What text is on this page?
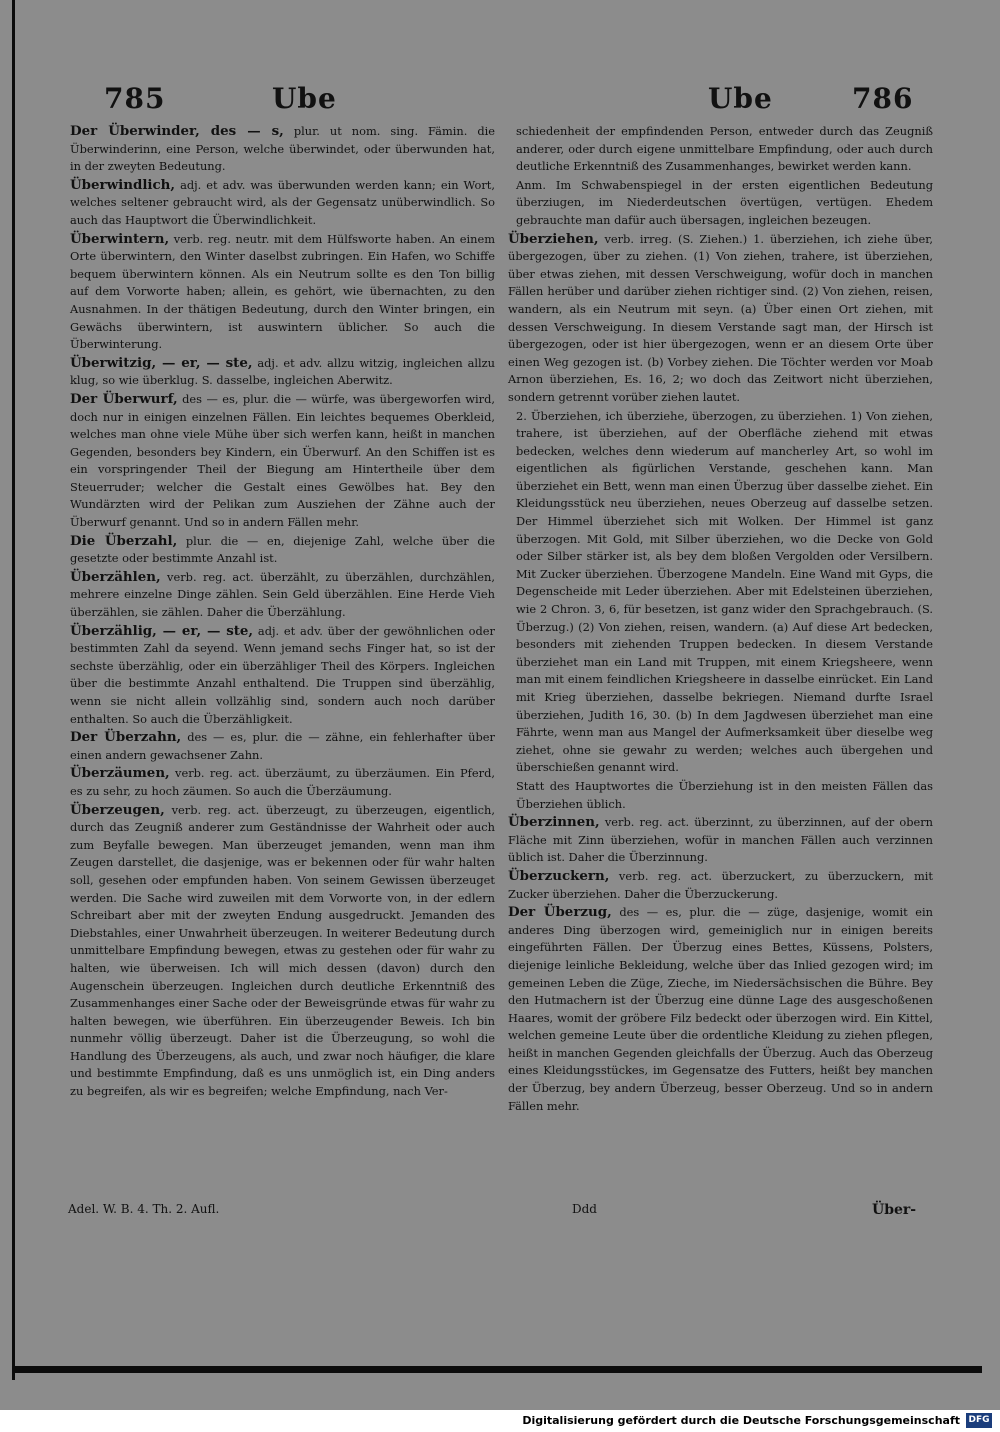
785	Ube	Ube	786

Der Überwinder, des — s, plur. ut nom. sing. Fämin. die Überwinderinn, eine Person, welche überwindet, oder überwunden hat, in der zweyten Bedeutung.

Überwindlich, adj. et adv. was überwunden werden kann; ein Wort, welches seltener gebraucht wird, als der Gegensatz unüberwindlich. So auch das Hauptwort die Überwindlichkeit.

Überwintern, verb. reg. neutr. mit dem Hülfsworte haben. An einem Orte überwintern, den Winter daselbst zubringen. Ein Hafen, wo Schiffe bequem überwintern können. Als ein Neutrum sollte es den Ton billig auf dem Vorworte haben; allein, es gehört, wie übernachten, zu den Ausnahmen. In der thätigen Bedeutung, durch den Winter bringen, ein Gewächs überwintern, ist auswintern üblicher. So auch die Überwinterung.

Überwitzig, — er, — ste, adj. et adv. allzu witzig, ingleichen allzu klug, so wie überklug. S. dasselbe, ingleichen Aberwitz.

Der Überwurf, des — es, plur. die — würfe, was übergeworfen wird, doch nur in einigen einzelnen Fällen. Ein leichtes bequemes Oberkleid, welches man ohne viele Mühe über sich werfen kann, heißt in manchen Gegenden, besonders bey Kindern, ein Überwurf. An den Schiffen ist es ein vorspringender Theil der Biegung am Hintertheile über dem Steuerruder; welcher die Gestalt eines Gewölbes hat. Bey den Wundärzten wird der Pelikan zum Ausziehen der Zähne auch der Überwurf genannt. Und so in andern Fällen mehr.

Die Überzahl, plur. die — en, diejenige Zahl, welche über die gesetzte oder bestimmte Anzahl ist.

Überzählen, verb. reg. act. überzählt, zu überzählen, durchzählen, mehrere einzelne Dinge zählen. Sein Geld überzählen. Eine Herde Vieh überzählen, sie zählen. Daher die Überzählung.

Überzählig, — er, — ste, adj. et adv. über der gewöhnlichen oder bestimmten Zahl da seyend. Wenn jemand sechs Finger hat, so ist der sechste überzählig, oder ein überzähliger Theil des Körpers. Ingleichen über die bestimmte Anzahl enthaltend. Die Truppen sind überzählig, wenn sie nicht allein vollzählig sind, sondern auch noch darüber enthalten. So auch die Überzähligkeit.

Der Überzahn, des — es, plur. die — zähne, ein fehlerhafter über einen andern gewachsener Zahn.

Überzäumen, verb. reg. act. überzäumt, zu überzäumen. Ein Pferd, es zu sehr, zu hoch zäumen. So auch die Überzäumung.

Überzeugen, verb. reg. act. überzeugt, zu überzeugen, eigentlich, durch das Zeugniß anderer zum Geständnisse der Wahrheit oder auch zum Beyfalle bewegen. Man überzeuget jemanden, wenn man ihm Zeugen darstellet, die dasjenige, was er bekennen oder für wahr halten soll, gesehen oder empfunden haben. Von seinem Gewissen überzeuget werden. Die Sache wird zuweilen mit dem Vorworte von, in der edlern Schreibart aber mit der zweyten Endung ausgedruckt. Jemanden des Diebstahles, einer Unwahrheit überzeugen. In weiterer Bedeutung durch unmittelbare Empfindung bewegen, etwas zu gestehen oder für wahr zu halten, wie überweisen. Ich will mich dessen (davon) durch den Augenschein überzeugen. Ingleichen durch deutliche Erkenntniß des Zusammenhanges einer Sache oder der Beweisgründe etwas für wahr zu halten bewegen, wie überführen. Ein überzeugender Beweis. Ich bin nunmehr völlig überzeugt. Daher ist die Überzeugung, so wohl die Handlung des Überzeugens, als auch, und zwar noch häufiger, die klare und bestimmte Empfindung, daß es uns unmöglich ist, ein Ding anders zu begreifen, als wir es begreifen; welche Empfindung, nach Ver-

schiedenheit der empfindenden Person, entweder durch das Zeugniß anderer, oder durch eigene unmittelbare Empfindung, oder auch durch deutliche Erkenntniß des Zusammenhanges, bewirket werden kann.

Anm. Im Schwabenspiegel in der ersten eigentlichen Bedeutung überziugen, im Niederdeutschen övertügen, vertügen. Ehedem gebrauchte man dafür auch übersagen, ingleichen bezeugen.

Überziehen, verb. irreg. (S. Ziehen.) 1. überziehen, ich ziehe über, übergezogen, über zu ziehen. (1) Von ziehen, trahere, ist überziehen, über etwas ziehen, mit dessen Verschweigung, wofür doch in manchen Fällen herüber und darüber ziehen richtiger sind. (2) Von ziehen, reisen, wandern, als ein Neutrum mit seyn. (a) Über einen Ort ziehen, mit dessen Verschweigung. In diesem Verstande sagt man, der Hirsch ist übergezogen, oder ist hier übergezogen, wenn er an diesem Orte über einen Weg gezogen ist. (b) Vorbey ziehen. Die Töchter werden vor Moab Arnon überziehen, Es. 16, 2; wo doch das Zeitwort nicht überziehen, sondern getrennt vorüber ziehen lautet.

2. Überziehen, ich überziehe, überzogen, zu überziehen. 1) Von ziehen, trahere, ist überziehen, auf der Oberfläche ziehend mit etwas bedecken, welches denn wiederum auf mancherley Art, so wohl im eigentlichen als figürlichen Verstande, geschehen kann. Man überziehet ein Bett, wenn man einen Überzug über dasselbe ziehet. Ein Kleidungsstück neu überziehen, neues Oberzeug auf dasselbe setzen. Der Himmel überziehet sich mit Wolken. Der Himmel ist ganz überzogen. Mit Gold, mit Silber überziehen, wo die Decke von Gold oder Silber stärker ist, als bey dem bloßen Vergolden oder Versilbern. Mit Zucker überziehen. Überzogene Mandeln. Eine Wand mit Gyps, die Degenscheide mit Leder überziehen. Aber mit Edelsteinen überziehen, wie 2 Chron. 3, 6, für besetzen, ist ganz wider den Sprachgebrauch. (S. Überzug.) (2) Von ziehen, reisen, wandern. (a) Auf diese Art bedecken, besonders mit ziehenden Truppen bedecken. In diesem Verstande überziehet man ein Land mit Truppen, mit einem Kriegsheere, wenn man mit einem feindlichen Kriegsheere in dasselbe einrücket. Ein Land mit Krieg überziehen, dasselbe bekriegen. Niemand durfte Israel überziehen, Judith 16, 30. (b) In dem Jagdwesen überziehet man eine Fährte, wenn man aus Mangel der Aufmerksamkeit über dieselbe weg ziehet, ohne sie gewahr zu werden; welches auch übergehen und überschießen genannt wird.

Statt des Hauptwortes die Überziehung ist in den meisten Fällen das Überziehen üblich.

Überzinnen, verb. reg. act. überzinnt, zu überzinnen, auf der obern Fläche mit Zinn überziehen, wofür in manchen Fällen auch verzinnen üblich ist. Daher die Überzinnung.

Überzuckern, verb. reg. act. überzuckert, zu überzuckern, mit Zucker überziehen. Daher die Überzuckerung.

Der Überzug, des — es, plur. die — züge, dasjenige, womit ein anderes Ding überzogen wird, gemeiniglich nur in einigen bereits eingeführten Fällen. Der Überzug eines Bettes, Küssens, Polsters, diejenige leinliche Bekleidung, welche über das Inlied gezogen wird; im gemeinen Leben die Züge, Zieche, im Niedersächsischen die Bühre. Bey den Hutmachern ist der Überzug eine dünne Lage des ausgeschoßenen Haares, womit der gröbere Filz bedeckt oder überzogen wird. Ein Kittel, welchen gemeine Leute über die ordentliche Kleidung zu ziehen pflegen, heißt in manchen Gegenden gleichfalls der Überzug. Auch das Oberzeug eines Kleidungsstückes, im Gegensatze des Futters, heißt bey manchen der Überzug, bey andern Überzeug, besser Oberzeug. Und so in andern Fällen mehr.

Adel. W. B. 4. Th. 2. Aufl.	Ddd	Über-
Digitalisierung gefördert durch die Deutsche Forschungsgemeinschaft DFG
